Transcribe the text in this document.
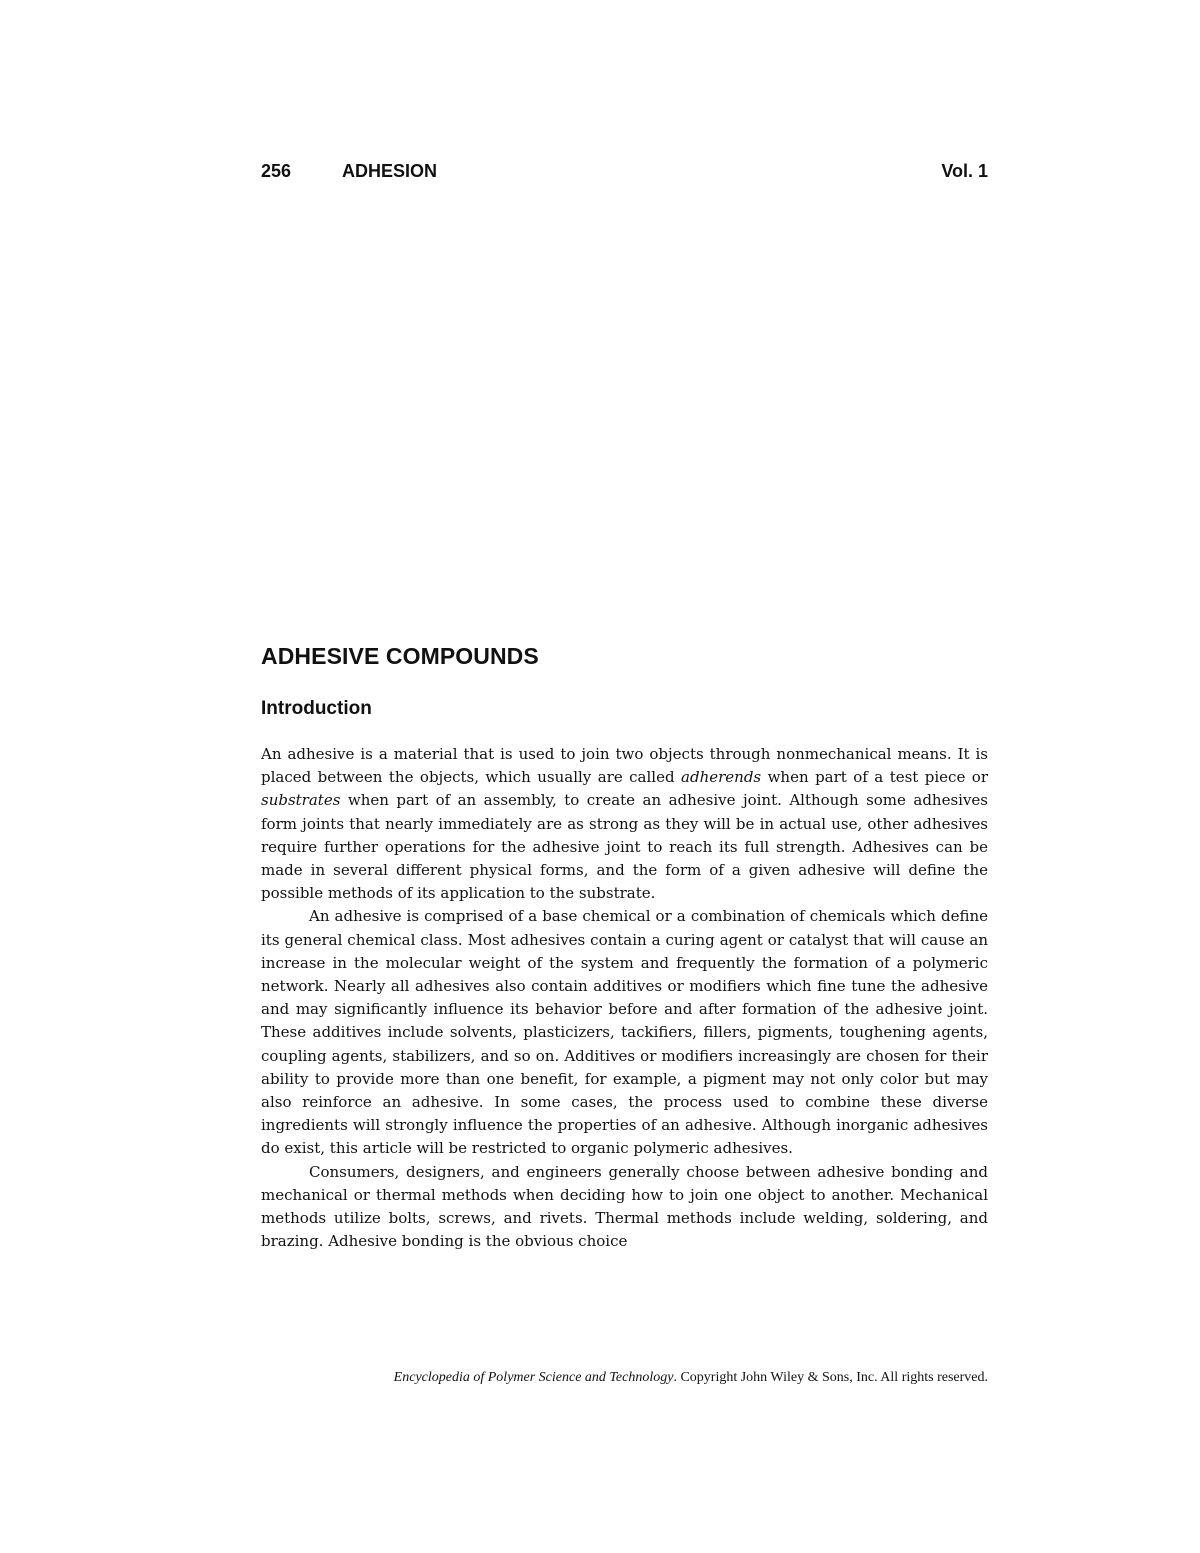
256	ADHESION	Vol. 1
ADHESIVE COMPOUNDS
Introduction

An adhesive is a material that is used to join two objects through nonmechanical means. It is placed between the objects, which usually are called adherends when part of a test piece or substrates when part of an assembly, to create an adhesive joint. Although some adhesives form joints that nearly immediately are as strong as they will be in actual use, other adhesives require further operations for the adhesive joint to reach its full strength. Adhesives can be made in several different physical forms, and the form of a given adhesive will define the possible methods of its application to the substrate.

An adhesive is comprised of a base chemical or a combination of chemicals which define its general chemical class. Most adhesives contain a curing agent or catalyst that will cause an increase in the molecular weight of the system and frequently the formation of a polymeric network. Nearly all adhesives also contain additives or modifiers which fine tune the adhesive and may significantly influence its behavior before and after formation of the adhesive joint. These additives include solvents, plasticizers, tackifiers, fillers, pigments, toughening agents, coupling agents, stabilizers, and so on. Additives or modifiers increasingly are chosen for their ability to provide more than one benefit, for example, a pigment may not only color but may also reinforce an adhesive. In some cases, the process used to combine these diverse ingredients will strongly influence the properties of an adhesive. Although inorganic adhesives do exist, this article will be restricted to organic polymeric adhesives.

Consumers, designers, and engineers generally choose between adhesive bonding and mechanical or thermal methods when deciding how to join one object to another. Mechanical methods utilize bolts, screws, and rivets. Thermal methods include welding, soldering, and brazing. Adhesive bonding is the obvious choice

Encyclopedia of Polymer Science and Technology. Copyright John Wiley & Sons, Inc. All rights reserved.
